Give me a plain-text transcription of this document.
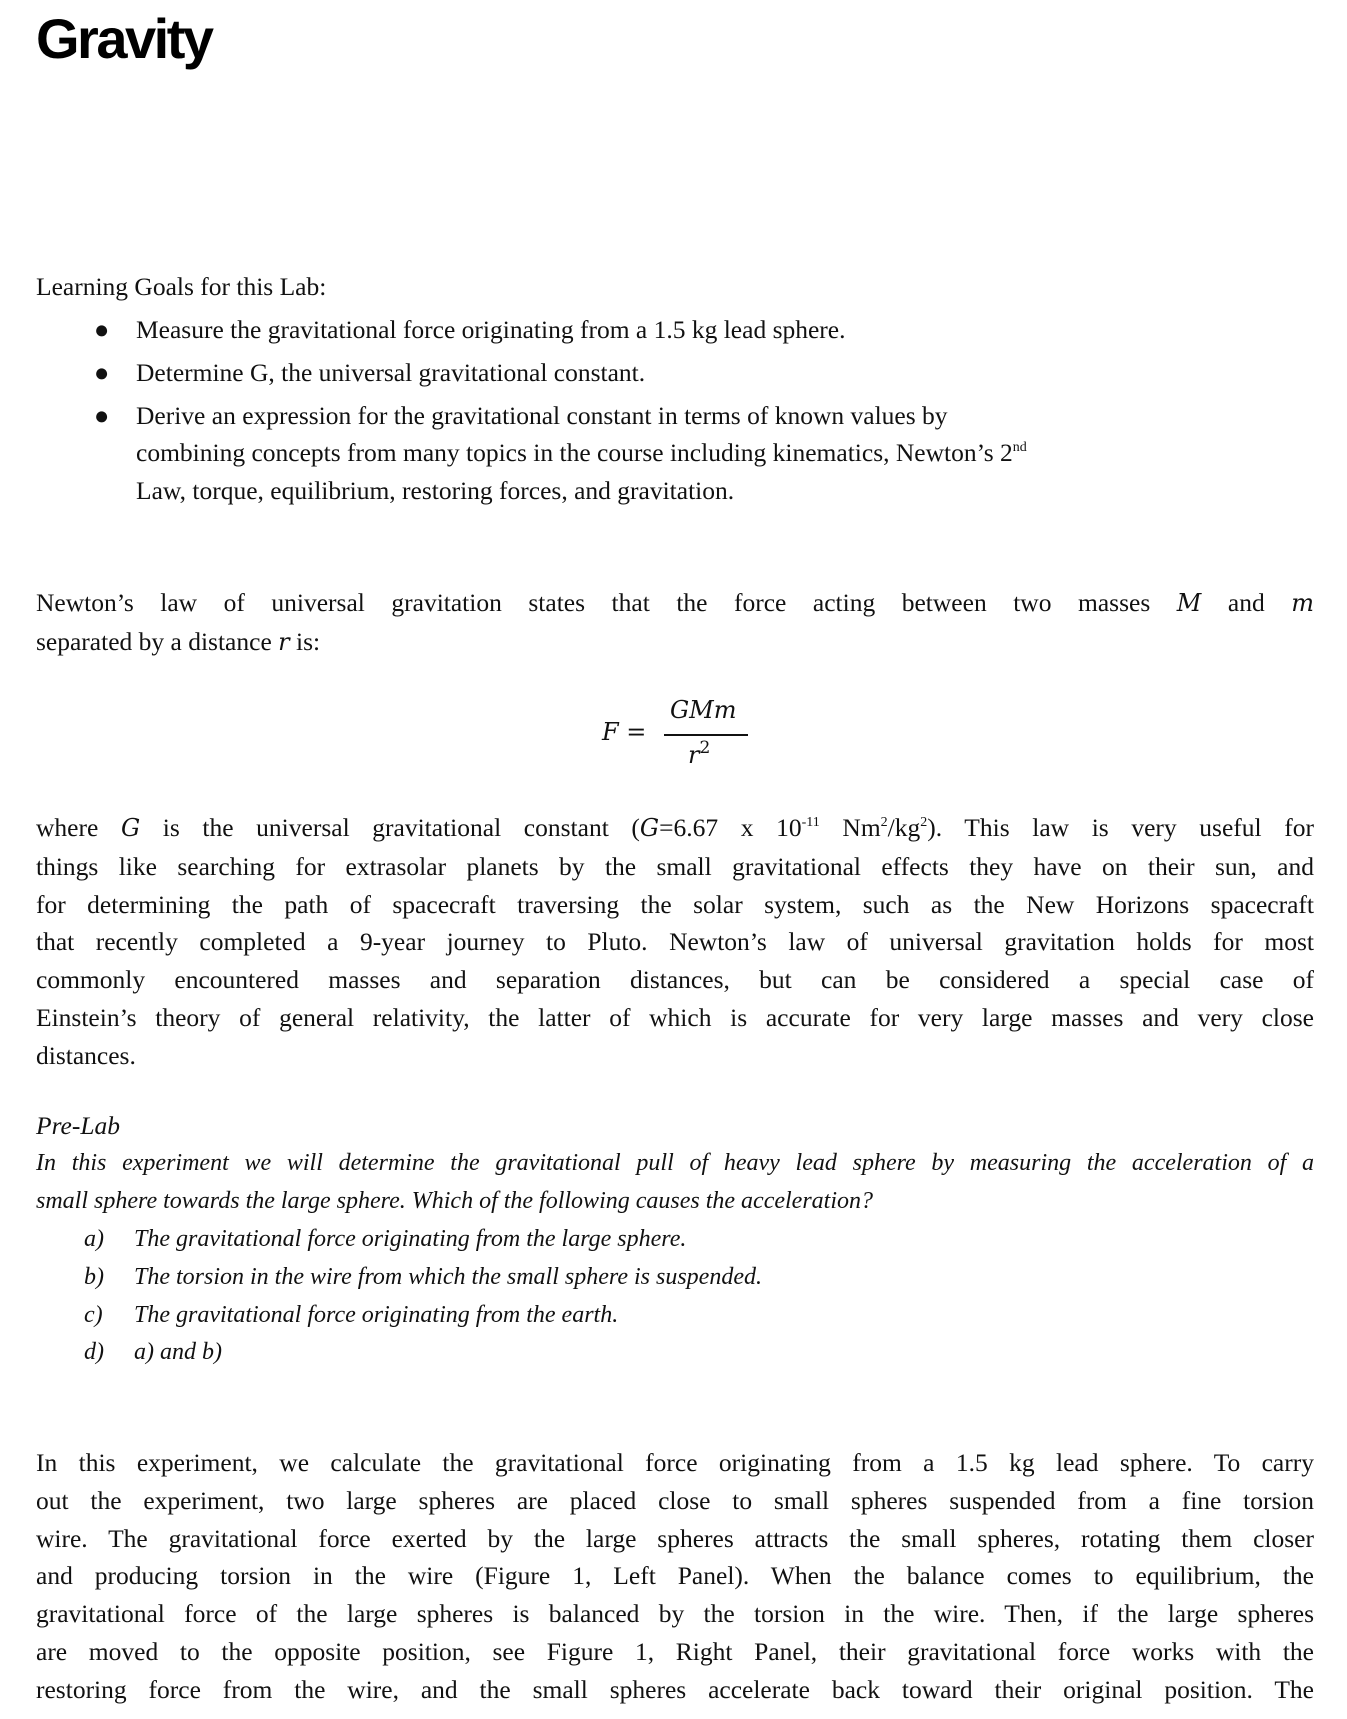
Gravity
Learning Goals for this Lab:
● Measure the gravitational force originating from a 1.5 kg lead sphere.
● Determine G, the universal gravitational constant.
● Derive an expression for the gravitational constant in terms of known values by
combining concepts from many topics in the course including kinematics, Newton’s 2nd
Law, torque, equilibrium, restoring forces, and gravitation.
Newton’s law of universal gravitation states that the force acting between two masses M and m
separated by a distance r is:
F =
GMm
$r^2$
where G is the universal gravitational constant (G=6.67 x $10^{-11}$ $Nm^2/kg^2$). This law is very useful for
things like searching for extrasolar planets by the small gravitational effects they have on their sun, and
for determining the path of spacecraft traversing the solar system, such as the New Horizons spacecraft
that recently completed a 9-year journey to Pluto. Newton’s law of universal gravitation holds for most
commonly encountered masses and separation distances, but can be considered a special case of
Einstein’s theory of general relativity, the latter of which is accurate for very large masses and very close
distances.
Pre-Lab
In this experiment we will determine the gravitational pull of heavy lead sphere by measuring the acceleration of a
small sphere towards the large sphere. Which of the following causes the acceleration?
a) The gravitational force originating from the large sphere.
b) The torsion in the wire from which the small sphere is suspended.
c) The gravitational force originating from the earth.
d) a) and b)
In this experiment, we calculate the gravitational force originating from a 1.5 kg lead sphere. To carry
out the experiment, two large spheres are placed close to small spheres suspended from a fine torsion
wire. The gravitational force exerted by the large spheres attracts the small spheres, rotating them closer
and producing torsion in the wire (Figure 1, Left Panel). When the balance comes to equilibrium, the
gravitational force of the large spheres is balanced by the torsion in the wire. Then, if the large spheres
are moved to the opposite position, see Figure 1, Right Panel, their gravitational force works with the
restoring force from the wire, and the small spheres accelerate back toward their original position. The
